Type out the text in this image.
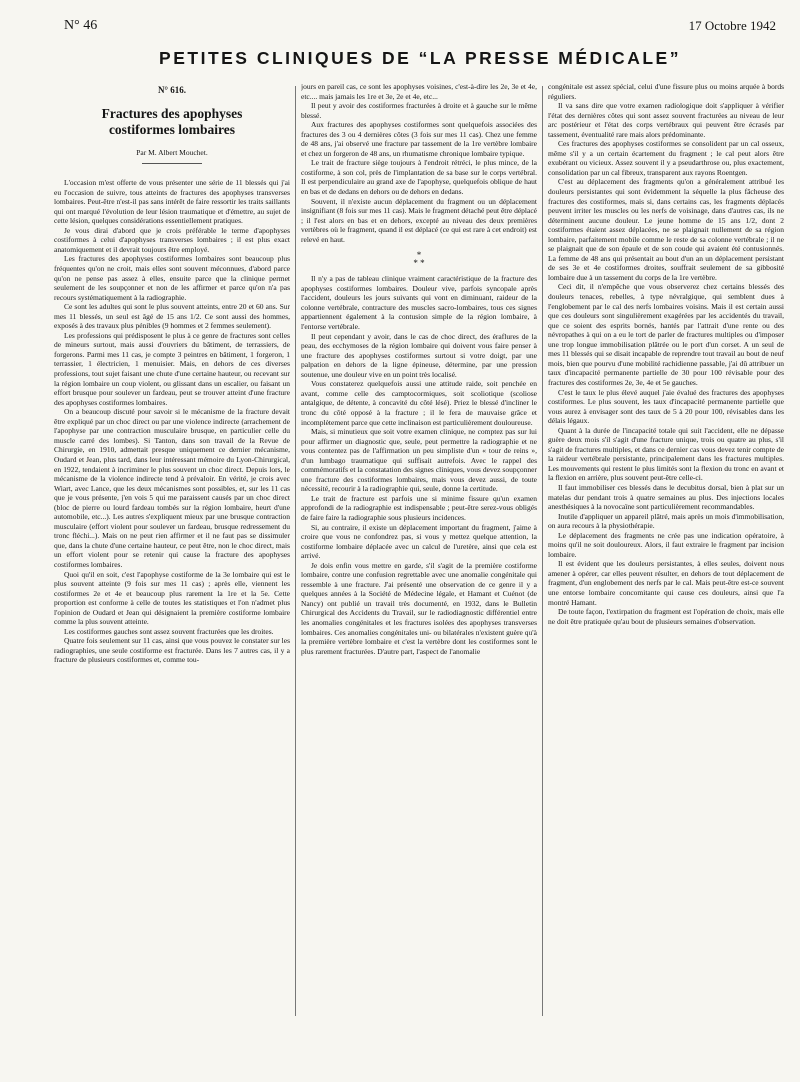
N° 46	17 Octobre 1942
PETITES CLINIQUES DE “LA PRESSE MÉDICALE”
N° 616.
Fractures des apophyses
costiformes lombaires
Par M. Albert Mouchet.

L'occasion m'est offerte de vous présenter une série de 11 blessés qui j'ai eu l'occasion de suivre, tous atteints de fractures des apophyses transverses lombaires. Peut-être n'est-il pas sans intérêt de faire ressortir les traits saillants qui ont marqué l'évolution de leur lésion traumatique et d'émettre, au sujet de cette lésion, quelques considérations essentiellement pratiques.

Je vous dirai d'abord que je crois préférable le terme d'apophyses costiformes à celui d'apophyses transverses lombaires ; il est plus exact anatomiquement et il devrait toujours être employé.

Les fractures des apophyses costiformes lombaires sont beaucoup plus fréquentes qu'on ne croit, mais elles sont souvent méconnues, d'abord parce qu'on ne pense pas assez à elles, ensuite parce que la clinique permet seulement de les soupçonner et non de les affirmer et parce qu'on n'a pas recours systématiquement à la radiographie.

Ce sont les adultes qui sont le plus souvent atteints, entre 20 et 60 ans. Sur mes 11 blessés, un seul est âgé de 15 ans 1/2. Ce sont aussi des hommes, exposés à des travaux plus pénibles (9 hommes et 2 femmes seulement).

Les professions qui prédisposent le plus à ce genre de fractures sont celles de mineurs surtout, mais aussi d'ouvriers du bâtiment, de terrassiers, de forgerons. Parmi mes 11 cas, je compte 3 peintres en bâtiment, 1 forgeron, 1 terrassier, 1 électricien, 1 menuisier. Mais, en dehors de ces diverses professions, tout sujet faisant une chute d'une certaine hauteur, ou recevant sur la région lombaire un coup violent, ou glissant dans un escalier, ou faisant un effort brusque pour soulever un fardeau, peut se trouver atteint d'une fracture des apophyses costiformes lombaires.

On a beaucoup discuté pour savoir si le mécanisme de la fracture devait être expliqué par un choc direct ou par une violence indirecte (arrachement de l'apophyse par une contraction musculaire brusque, en particulier celle du muscle carré des lombes). Si Tanton, dans son travail de la Revue de Chirurgie, en 1910, admettait presque uniquement ce dernier mécanisme, Oudard et Jean, plus tard, dans leur intéressant mémoire du Lyon-Chirurgical, en 1922, tendaient à incriminer le plus souvent un choc direct. Depuis lors, le mécanisme de la violence indirecte tend à prévaloir. En vérité, je crois avec Wiart, avec Lance, que les deux mécanismes sont possibles, et, sur les 11 cas que je vous présente, j'en vois 5 qui me paraissent causés par un choc direct (bloc de pierre ou lourd fardeau tombés sur la région lombaire, heurt d'une automobile, etc...). Les autres s'expliquent mieux par une brusque contraction musculaire (effort violent pour soulever un fardeau, brusque redressement du tronc fléchi...). Mais on ne peut rien affirmer et il ne faut pas se dissimuler que, dans la chute d'une certaine hauteur, ce peut être, non le choc direct, mais un effort violent pour se retenir qui cause la fracture des apophyses costiformes lombaires.

Quoi qu'il en soit, c'est l'apophyse costiforme de la 3e lombaire qui est le plus souvent atteinte (9 fois sur mes 11 cas) ; après elle, viennent les costiformes 2e et 4e et beaucoup plus rarement la 1re et la 5e. Cette proportion est conforme à celle de toutes les statistiques et l'on n'admet plus l'opinion de Oudard et Jean qui désignaient la première costiforme lombaire comme la plus souvent atteinte.

Les costiformes gauches sont assez souvent fracturées que les droites.

Quatre fois seulement sur 11 cas, ainsi que vous pouvez le constater sur les radiographies, une seule costiforme est fracturée. Dans les 7 autres cas, il y a fracture de plusieurs costiformes et, comme tou-

jours en pareil cas, ce sont les apophyses voisines, c'est-à-dire les 2e, 3e et 4e, etc.... mais jamais les 1re et 3e, 2e et 4e, etc...

Il peut y avoir des costiformes fracturées à droite et à gauche sur le même blessé.

Aux fractures des apophyses costiformes sont quelquefois associées des fractures des 3 ou 4 dernières côtes (3 fois sur mes 11 cas). Chez une femme de 48 ans, j'ai observé une fracture par tassement de la 1re vertèbre lombaire et chez un forgeron de 48 ans, un rhumatisme chronique lombaire typique.

Le trait de fracture siège toujours à l'endroit rétréci, le plus mince, de la costiforme, à son col, près de l'implantation de sa base sur le corps vertébral. Il est perpendiculaire au grand axe de l'apophyse, quelquefois oblique de haut en bas et de dedans en dehors ou de dehors en dedans.

Souvent, il n'existe aucun déplacement du fragment ou un déplacement insignifiant (8 fois sur mes 11 cas). Mais le fragment détaché peut être déplacé ; il l'est alors en bas et en dehors, excepté au niveau des deux premières vertèbres où le fragment, quand il est déplacé (ce qui est rare à cet endroit) est relevé en haut.

*
* *

Il n'y a pas de tableau clinique vraiment caractéristique de la fracture des apophyses costiformes lombaires. Douleur vive, parfois syncopale après l'accident, douleurs les jours suivants qui vont en diminuant, raideur de la colonne vertébrale, contracture des muscles sacro-lombaires, tous ces signes appartiennent également à la contusion simple de la région lombaire, à l'entorse vertébrale.

Il peut cependant y avoir, dans le cas de choc direct, des éraflures de la peau, des ecchymoses de la région lombaire qui doivent vous faire penser à une fracture des apophyses costiformes surtout si votre doigt, par une palpation en dehors de la ligne épineuse, détermine, par une pression soutenue, une douleur vive en un point très localisé.

Vous constaterez quelquefois aussi une attitude raide, soit penchée en avant, comme celle des camptocormiques, soit scoliotique (scoliose antalgique, de détente, à concavité du côté lésé). Priez le blessé d'incliner le tronc du côté opposé à la fracture ; il le fera de mauvaise grâce et incomplètement parce que cette inclinaison est particulièrement douloureuse.

Mais, si minutieux que soit votre examen clinique, ne comptez pas sur lui pour affirmer un diagnostic que, seule, peut permettre la radiographie et ne vous contentez pas de l'affirmation un peu simpliste d'un « tour de reins », d'un lumbago traumatique qui suffisait autrefois. Avec le rappel des commémoratifs et la constatation des signes cliniques, vous devez soupçonner une fracture des costiformes lombaires, mais vous devez aussi, de toute nécessité, recourir à la radiographie qui, seule, donne la certitude.

Le trait de fracture est parfois une si minime fissure qu'un examen approfondi de la radiographie est indispensable ; peut-être serez-vous obligés de faire faire la radiographie sous plusieurs incidences.

Si, au contraire, il existe un déplacement important du fragment, j'aime à croire que vous ne confondrez pas, si vous y mettez quelque attention, la costiforme lombaire déplacée avec un calcul de l'uretère, ainsi que cela est arrivé.

Je dois enfin vous mettre en garde, s'il s'agit de la première costiforme lombaire, contre une confusion regrettable avec une anomalie congénitale qui ressemble à une fracture. J'ai présenté une observation de ce genre il y a quelques années à la Société de Médecine légale, et Hamant et Cuénot (de Nancy) ont publié un travail très documenté, en 1932, dans le Bulletin Chirurgical des Accidents du Travail, sur le radiodiagnostic différentiel entre les anomalies congénitales et les fractures isolées des apophyses transverses lombaires. Ces anomalies congénitales uni- ou bilatérales n'existent guère qu'à la première vertèbre lombaire et c'est la vertèbre dont les costiformes sont le plus rarement fracturées. D'autre part, l'aspect de l'anomalie

congénitale est assez spécial, celui d'une fissure plus ou moins arquée à bords réguliers.

Il va sans dire que votre examen radiologique doit s'appliquer à vérifier l'état des dernières côtes qui sont assez souvent fracturées au niveau de leur arc postérieur et l'état des corps vertébraux qui peuvent être écrasés par tassement, éventualité rare mais alors prédominante.

Ces fractures des apophyses costiformes se consolident par un cal osseux, même s'il y a un certain écartement du fragment ; le cal peut alors être exubérant ou vicieux. Assez souvent il y a pseudarthrose ou, plus exactement, consolidation par un cal fibreux, transparent aux rayons Roentgen.

C'est au déplacement des fragments qu'on a généralement attribué les douleurs persistantes qui sont évidemment la séquelle la plus fâcheuse des fractures des costiformes, mais si, dans certains cas, les fragments déplacés peuvent irriter les muscles ou les nerfs de voisinage, dans d'autres cas, ils ne déterminent aucune douleur. Le jeune homme de 15 ans 1/2, dont 2 costiformes étaient assez déplacées, ne se plaignait nullement de sa région lombaire, parfaitement mobile comme le reste de sa colonne vertébrale ; il ne se plaignait que de son épaule et de son coude qui avaient été contusionnés. La femme de 48 ans qui présentait au bout d'un an un déplacement persistant de ses 3e et 4e costiformes droites, souffrait seulement de sa gibbosité lombaire due à un tassement du corps de la 1re vertèbre.

Ceci dit, il n'empêche que vous observerez chez certains blessés des douleurs tenaces, rebelles, à type névralgique, qui semblent dues à l'englobement par le cal des nerfs lombaires voisins. Mais il est certain aussi que ces douleurs sont singulièrement exagérées par les accidentés du travail, que ce soient des esprits bornés, hantés par l'attrait d'une rente ou des névropathes à qui on a eu le tort de parler de fractures multiples ou d'imposer une trop longue immobilisation plâtrée ou le port d'un corset. A un seul de mes 11 blessés qui se disait incapable de reprendre tout travail au bout de neuf mois, bien que pourvu d'une mobilité rachidienne passable, j'ai dû attribuer un taux d'incapacité permanente partielle de 30 pour 100 révisable pour des fractures des costiformes 2e, 3e, 4e et 5e gauches.

C'est le taux le plus élevé auquel j'aie évalué des fractures des apophyses costiformes. Le plus souvent, les taux d'incapacité permanente partielle que vous aurez à envisager sont des taux de 5 à 20 pour 100, révisables dans les délais légaux.

Quant à la durée de l'incapacité totale qui suit l'accident, elle ne dépasse guère deux mois s'il s'agit d'une fracture unique, trois ou quatre au plus, s'il s'agit de fractures multiples, et dans ce dernier cas vous devez tenir compte de la raideur vertébrale persistante, principalement dans les fractures multiples. Les mouvements qui restent le plus limités sont la flexion du tronc en avant et la flexion en arrière, plus souvent peut-être celle-ci.

Il faut immobiliser ces blessés dans le decubitus dorsal, bien à plat sur un matelas dur pendant trois à quatre semaines au plus. Des injections locales anesthésiques à la novocaïne sont particulièrement recommandables.

Inutile d'appliquer un appareil plâtré, mais après un mois d'immobilisation, on aura recours à la physiothérapie.

Le déplacement des fragments ne crée pas une indication opératoire, à moins qu'il ne soit douloureux. Alors, il faut extraire le fragment par incision lombaire.

Il est évident que les douleurs persistantes, à elles seules, doivent nous amener à opérer, car elles peuvent résulter, en dehors de tout déplacement de fragment, d'un englobement des nerfs par le cal. Mais peut-être est-ce souvent une entorse lombaire concomitante qui cause ces douleurs, ainsi que l'a montré Hamant.

De toute façon, l'extirpation du fragment est l'opération de choix, mais elle ne doit être pratiquée qu'au bout de plusieurs semaines d'observation.
